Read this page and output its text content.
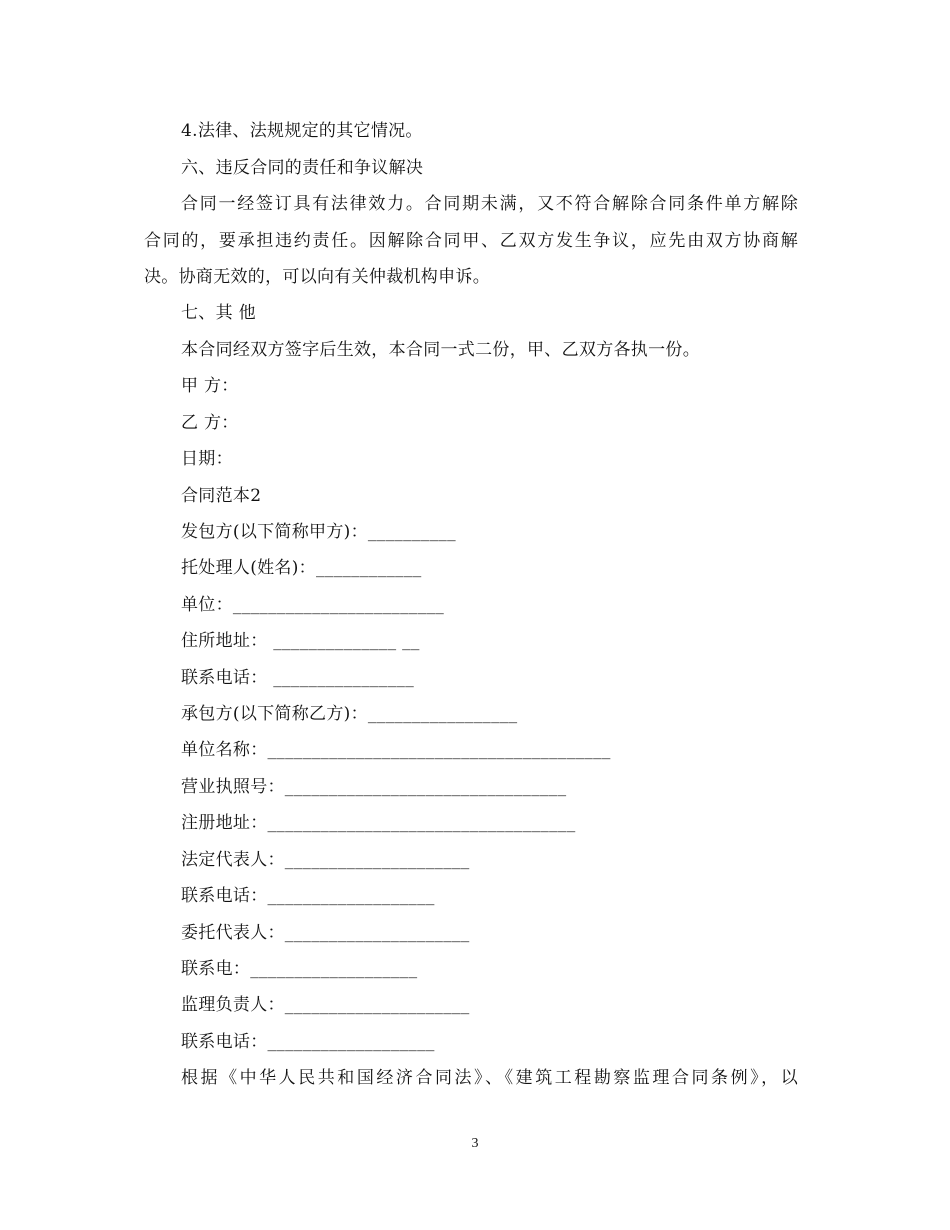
4.法律、法规规定的其它情况。
六、违反合同的责任和争议解决
合同一经签订具有法律效力。合同期未满，又不符合解除合同条件单方解除
合同的，要承担违约责任。因解除合同甲、乙双方发生争议，应先由双方协商解
决。协商无效的，可以向有关仲裁机构申诉。
七、其 他
本合同经双方签字后生效，本合同一式二份，甲、乙双方各执一份。
甲 方：
乙 方：
日期：
合同范本2
发包方(以下简称甲方)：__________
托处理人(姓名)：____________
单位：________________________
住所地址： ______________ __
联系电话： ________________
承包方(以下简称乙方)：_________________
单位名称：_______________________________________
营业执照号：________________________________
注册地址：___________________________________
法定代表人：_____________________
联系电话：___________________
委托代表人：_____________________
联系电：___________________
监理负责人：_____________________
联系电话：___________________
根据《中华人民共和国经济合同法》、《建筑工程勘察监理合同条例》，以
3
